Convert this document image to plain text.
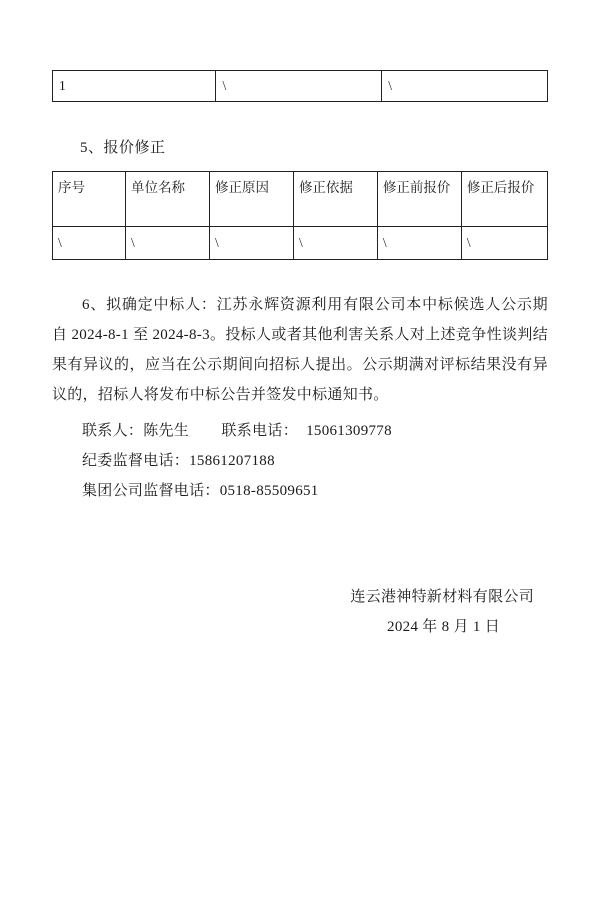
1	\	\
5、报价修正
序号	单位名称	修正原因	修正依据	修正前报价	修正后报价
\	\	\	\	\	\
6、拟确定中标人：江苏永辉资源利用有限公司本中标候选人公示期自 2024-8-1 至 2024-8-3。投标人或者其他利害关系人对上述竞争性谈判结果有异议的，应当在公示期间向招标人提出。公示期满对评标结果没有异议的，招标人将发布中标公告并签发中标通知书。
联系人：陈先生        联系电话：  15061309778
纪委监督电话：15861207188
集团公司监督电话：0518-85509651
连云港神特新材料有限公司
2024 年 8 月 1 日
